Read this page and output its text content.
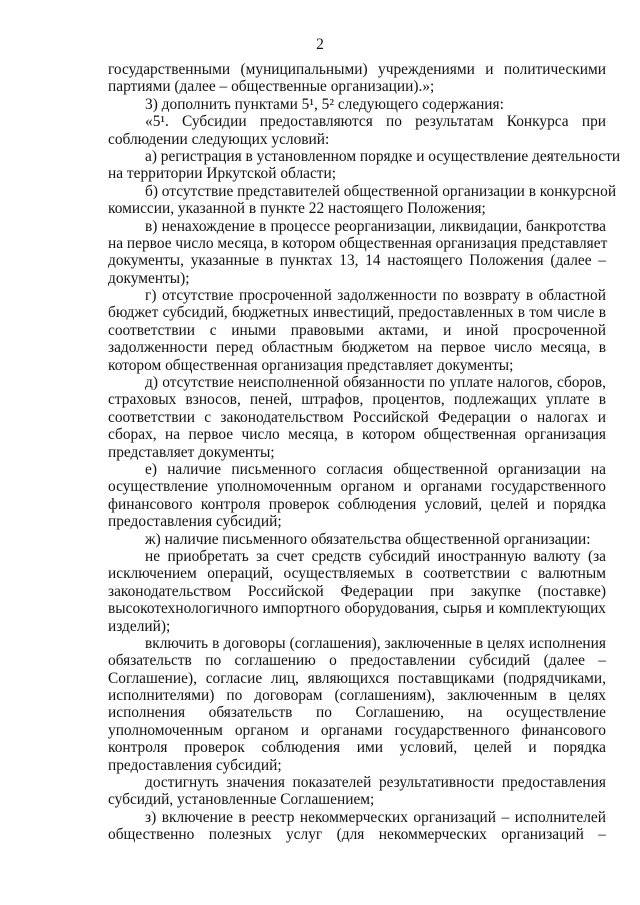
2
государственными (муниципальными) учреждениями и политическими
партиями (далее – общественные организации).»;
3) дополнить пунктами 5¹, 5² следующего содержания:
«5¹. Субсидии предоставляются по результатам Конкурса при
соблюдении следующих условий:
а) регистрация в установленном порядке и осуществление деятельности
на территории Иркутской области;
б) отсутствие представителей общественной организации в конкурсной
комиссии, указанной в пункте 22 настоящего Положения;
в) ненахождение в процессе реорганизации, ликвидации, банкротства
на первое число месяца, в котором общественная организация представляет
документы, указанные в пунктах 13, 14 настоящего Положения (далее –
документы);
г) отсутствие просроченной задолженности по возврату в областной
бюджет субсидий, бюджетных инвестиций, предоставленных в том числе в
соответствии с иными правовыми актами, и иной просроченной
задолженности перед областным бюджетом на первое число месяца, в
котором общественная организация представляет документы;
д) отсутствие неисполненной обязанности по уплате налогов, сборов,
страховых взносов, пеней, штрафов, процентов, подлежащих уплате в
соответствии с законодательством Российской Федерации о налогах и
сборах, на первое число месяца, в котором общественная организация
представляет документы;
е) наличие письменного согласия общественной организации на
осуществление уполномоченным органом и органами государственного
финансового контроля проверок соблюдения условий, целей и порядка
предоставления субсидий;
ж) наличие письменного обязательства общественной организации:
не приобретать за счет средств субсидий иностранную валюту (за
исключением операций, осуществляемых в соответствии с валютным
законодательством Российской Федерации при закупке (поставке)
высокотехнологичного импортного оборудования, сырья и комплектующих
изделий);
включить в договоры (соглашения), заключенные в целях исполнения
обязательств по соглашению о предоставлении субсидий (далее –
Соглашение), согласие лиц, являющихся поставщиками (подрядчиками,
исполнителями) по договорам (соглашениям), заключенным в целях
исполнения обязательств по Соглашению, на осуществление
уполномоченным органом и органами государственного финансового
контроля проверок соблюдения ими условий, целей и порядка
предоставления субсидий;
достигнуть значения показателей результативности предоставления
субсидий, установленные Соглашением;
з) включение в реестр некоммерческих организаций – исполнителей
общественно полезных услуг (для некоммерческих организаций –
